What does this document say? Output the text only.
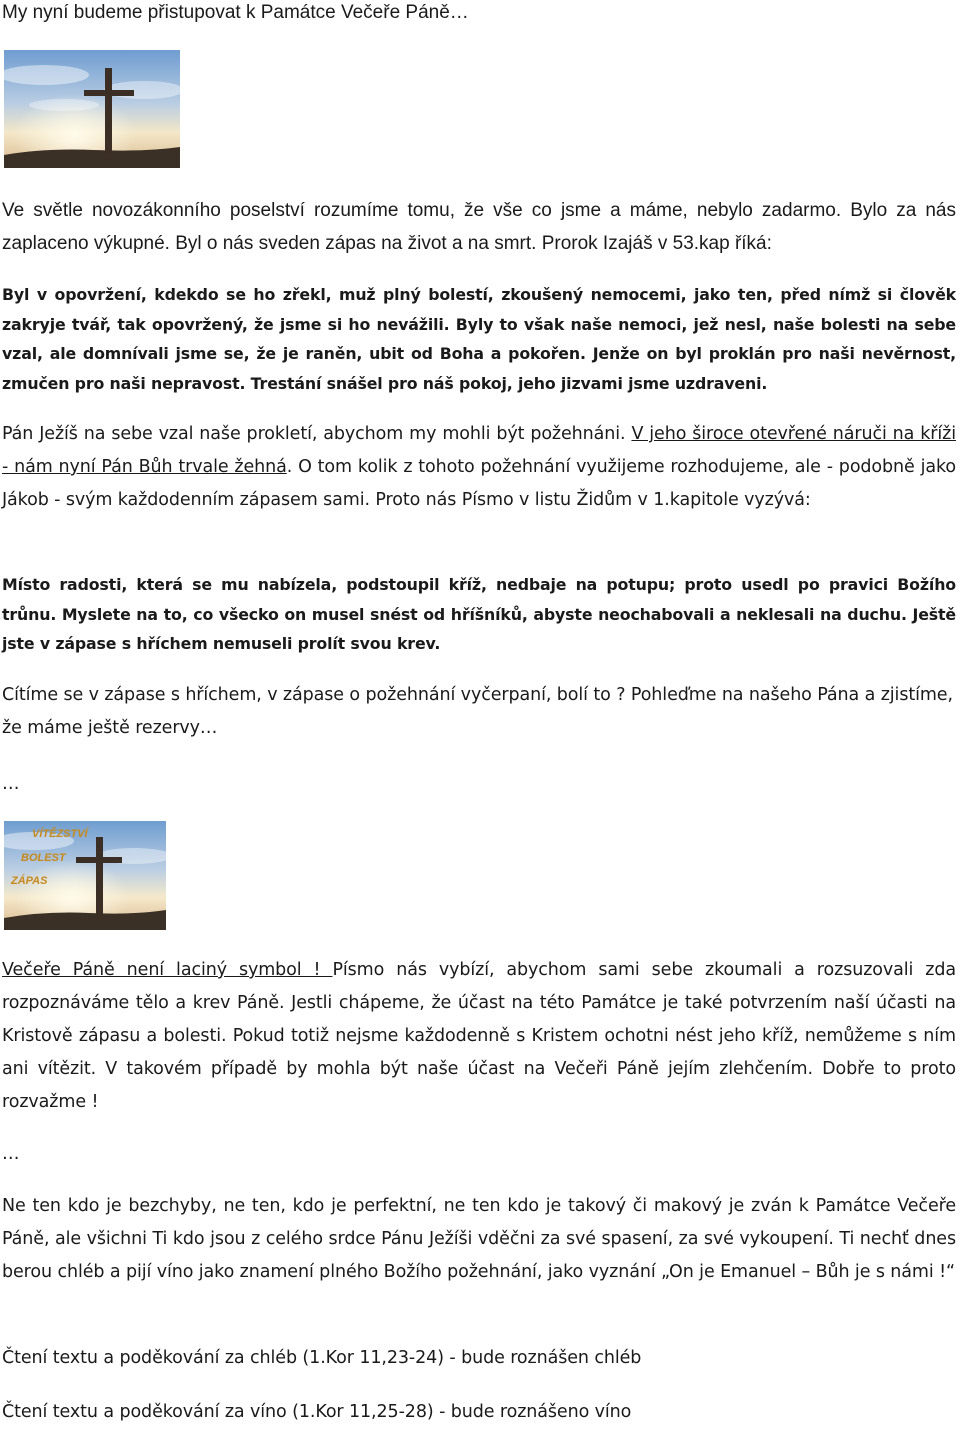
My nyní budeme přistupovat k Památce Večeře Páně…
Ve světle novozákonního poselství rozumíme tomu, že vše co jsme a máme, nebylo zadarmo. Bylo za nás zaplaceno výkupné. Byl o nás sveden zápas na život a na smrt. Prorok Izajáš v 53.kap říká:
Byl v opovržení, kdekdo se ho zřekl, muž plný bolestí, zkoušený nemocemi, jako ten, před nímž si člověk zakryje tvář, tak opovržený, že jsme si ho nevážili. Byly to však naše nemoci, jež nesl, naše bolesti na sebe vzal, ale domnívali jsme se, že je raněn, ubit od Boha a pokořen. Jenže on byl proklán pro naši nevěrnost, zmučen pro naši nepravost. Trestání snášel pro náš pokoj, jeho jizvami jsme uzdraveni.
Pán Ježíš na sebe vzal naše prokletí, abychom my mohli být požehnáni. V jeho široce otevřené náruči na kříži - nám nyní Pán Bůh trvale žehná. O tom kolik z tohoto požehnání využijeme rozhodujeme, ale - podobně jako Jákob - svým každodenním zápasem sami. Proto nás Písmo v listu Židům v 1.kapitole vyzývá:
Místo radosti, která se mu nabízela, podstoupil kříž, nedbaje na potupu; proto usedl po pravici Božího trůnu. Myslete na to, co všecko on musel snést od hříšníků, abyste neochabovali a neklesali na duchu. Ještě jste v zápase s hříchem nemuseli prolít svou krev.
Cítíme se v zápase s hříchem, v zápase o požehnání vyčerpaní, bolí to ? Pohleďme na našeho Pána a zjistíme, že máme ještě rezervy…
…
VÍTĚZSTVÍ
BOLEST
ZÁPAS
Večeře Páně není laciný symbol ! Písmo nás vybízí, abychom sami sebe zkoumali a rozsuzovali zda rozpoznáváme tělo a krev Páně. Jestli chápeme, že účast na této Památce je také potvrzením naší účasti na Kristově zápasu a bolesti. Pokud totiž nejsme každodenně s Kristem ochotni nést jeho kříž, nemůžeme s ním ani vítězit. V takovém případě by mohla být naše účast na Večeři Páně jejím zlehčením. Dobře to proto rozvažme !
…
Ne ten kdo je bezchyby, ne ten, kdo je perfektní, ne ten kdo je takový či makový je zván k Památce Večeře Páně, ale všichni Ti kdo jsou z celého srdce Pánu Ježíši vděčni za své spasení, za své vykoupení. Ti nechť dnes berou chléb a pijí víno jako znamení plného Božího požehnání, jako vyznání „On je Emanuel – Bůh je s námi !“
Čtení textu a poděkování za chléb (1.Kor 11,23-24) - bude roznášen chléb
Čtení textu a poděkování za víno (1.Kor 11,25-28) - bude roznášeno víno
